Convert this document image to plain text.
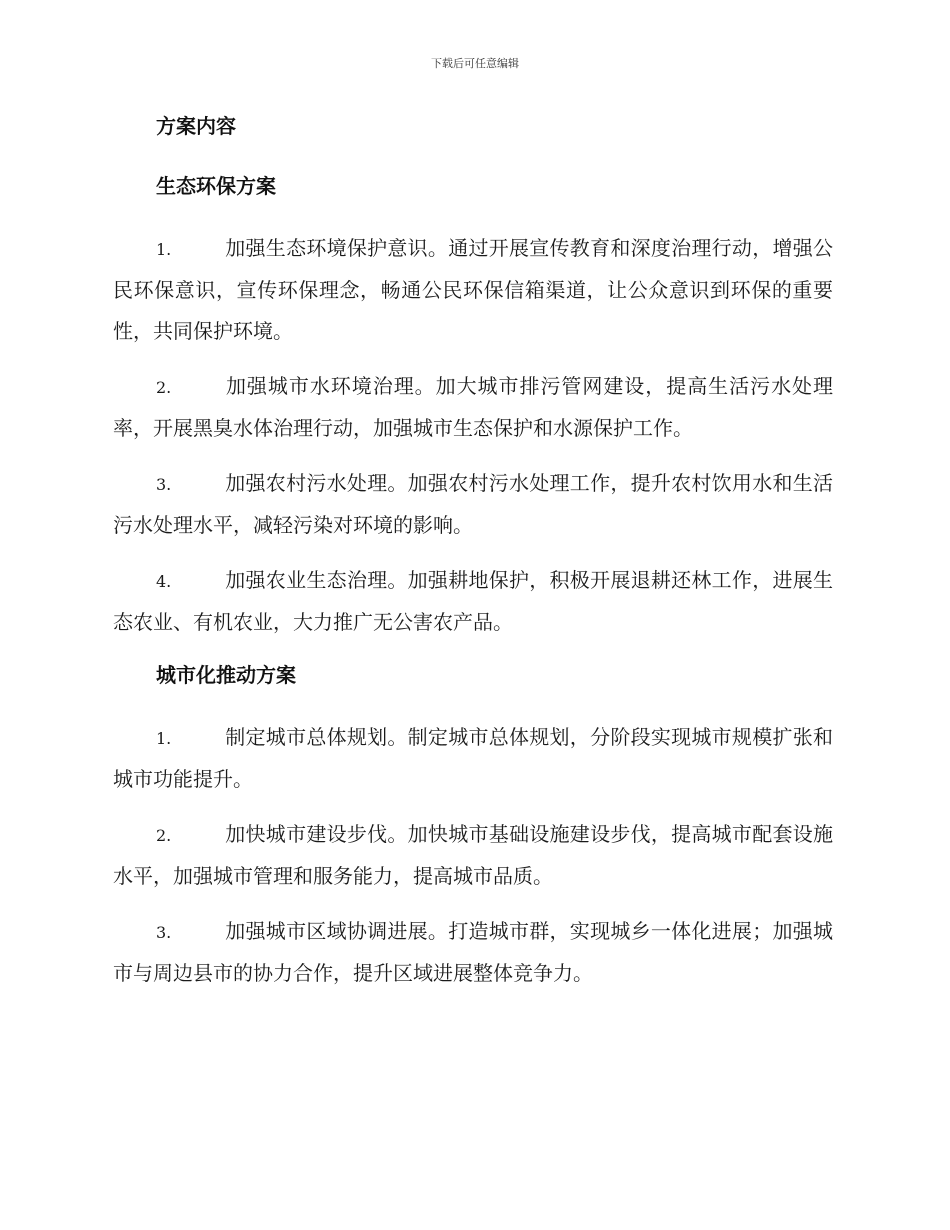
下载后可任意编辑
方案内容
生态环保方案

1.	加强生态环境保护意识。通过开展宣传教育和深度治理行动，增强公民环保意识，宣传环保理念，畅通公民环保信箱渠道，让公众意识到环保的重要性，共同保护环境。

2.	加强城市水环境治理。加大城市排污管网建设，提高生活污水处理率，开展黑臭水体治理行动，加强城市生态保护和水源保护工作。

3.	加强农村污水处理。加强农村污水处理工作，提升农村饮用水和生活污水处理水平，减轻污染对环境的影响。

4.	加强农业生态治理。加强耕地保护，积极开展退耕还林工作，进展生态农业、有机农业，大力推广无公害农产品。

城市化推动方案

1.	制定城市总体规划。制定城市总体规划，分阶段实现城市规模扩张和城市功能提升。

2.	加快城市建设步伐。加快城市基础设施建设步伐，提高城市配套设施水平，加强城市管理和服务能力，提高城市品质。

3.	加强城市区域协调进展。打造城市群，实现城乡一体化进展；加强城市与周边县市的协力合作，提升区域进展整体竞争力。
